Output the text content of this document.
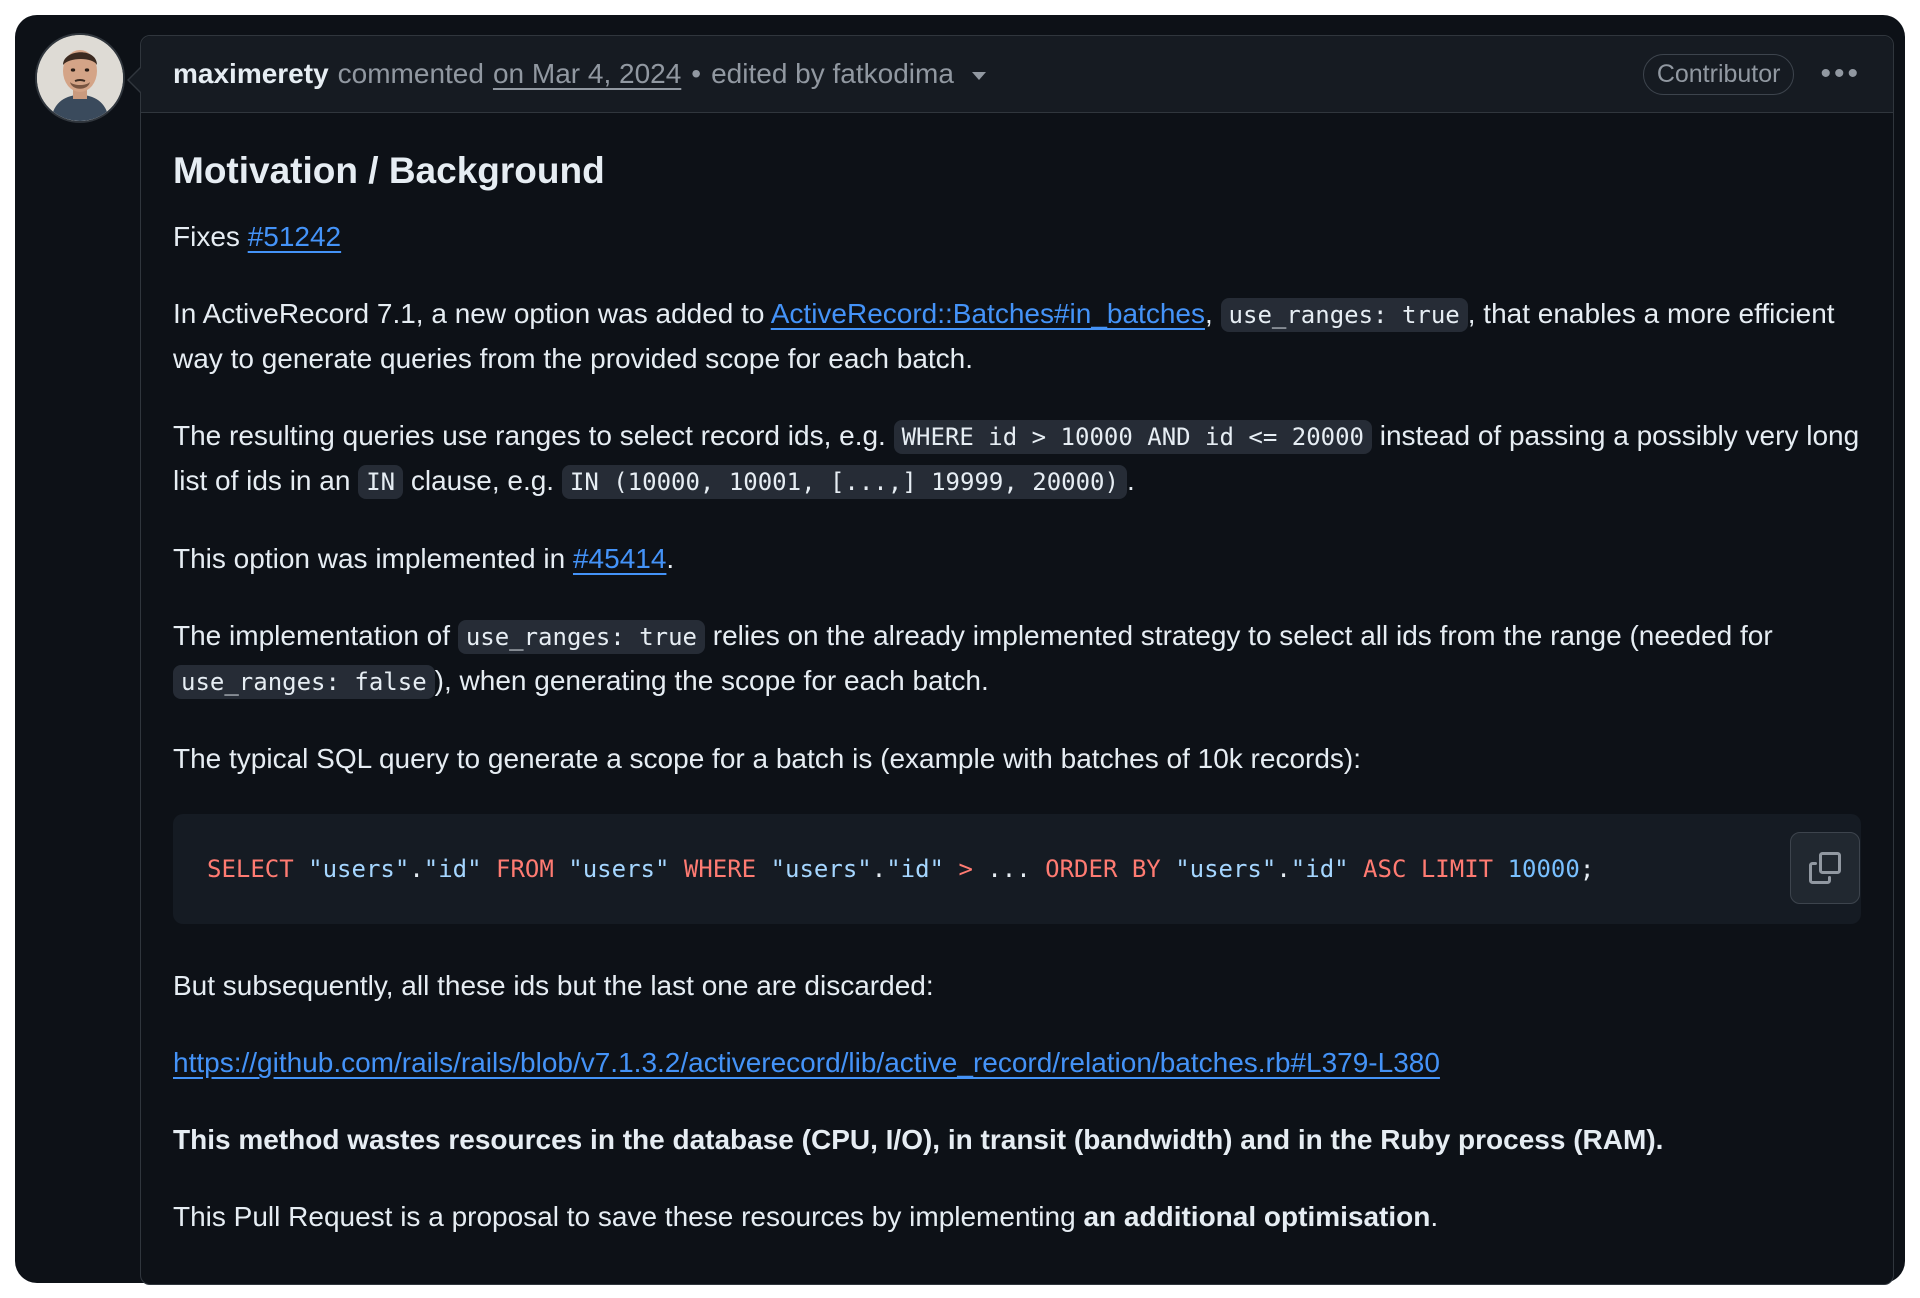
maximerety commented on Mar 4, 2024 • edited by fatkodima	Contributor	•••
Motivation / Background

Fixes #51242

In ActiveRecord 7.1, a new option was added to ActiveRecord::Batches#in_batches, use_ranges: true , that enables a more efficient way to generate queries from the provided scope for each batch.

The resulting queries use ranges to select record ids, e.g. WHERE id > 10000 AND id <= 20000 instead of passing a possibly very long list of ids in an IN clause, e.g. IN (10000, 10001, [...,] 19999, 20000) .

This option was implemented in #45414.

The implementation of use_ranges: true relies on the already implemented strategy to select all ids from the range (needed for use_ranges: false ), when generating the scope for each batch.

The typical SQL query to generate a scope for a batch is (example with batches of 10k records):

SELECT "users"."id" FROM "users" WHERE "users"."id" > ... ORDER BY "users"."id" ASC LIMIT 10000;

But subsequently, all these ids but the last one are discarded:

https://github.com/rails/rails/blob/v7.1.3.2/activerecord/lib/active_record/relation/batches.rb#L379-L380

This method wastes resources in the database (CPU, I/O), in transit (bandwidth) and in the Ruby process (RAM).

This Pull Request is a proposal to save these resources by implementing an additional optimisation.
